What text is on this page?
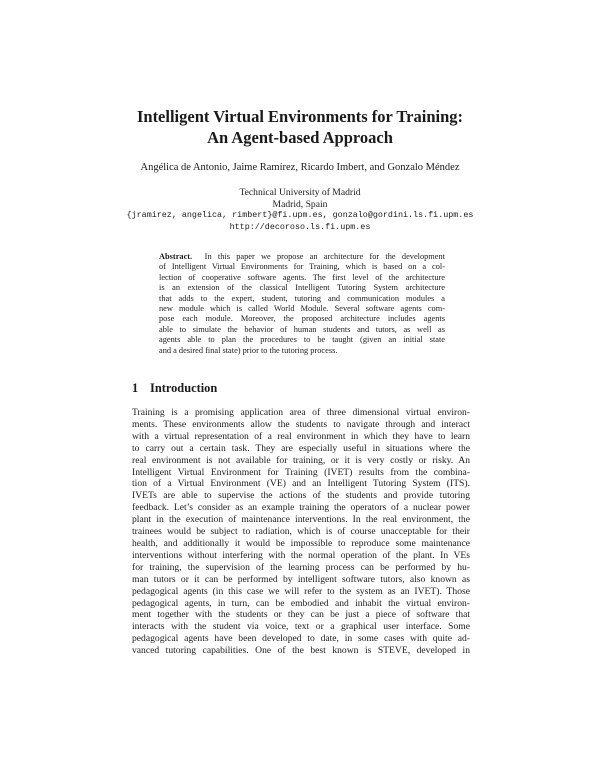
Intelligent Virtual Environments for Training:
An Agent-based Approach
Angélica de Antonio, Jaime Ramírez, Ricardo Imbert, and Gonzalo Méndez
Technical University of Madrid
Madrid, Spain
{jramirez, angelica, rimbert}@fi.upm.es, gonzalo@gordini.ls.fi.upm.es
http://decoroso.ls.fi.upm.es
Abstract. In this paper we propose an architecture for the development
of Intelligent Virtual Environments for Training, which is based on a col-
lection of cooperative software agents. The first level of the architecture
is an extension of the classical Intelligent Tutoring System architecture
that adds to the expert, student, tutoring and communication modules a
new module which is called World Module. Several software agents com-
pose each module. Moreover, the proposed architecture includes agents
able to simulate the behavior of human students and tutors, as well as
agents able to plan the procedures to be taught (given an initial state
and a desired final state) prior to the tutoring process.
1 Introduction
Training is a promising application area of three dimensional virtual environ-
ments. These environments allow the students to navigate through and interact
with a virtual representation of a real environment in which they have to learn
to carry out a certain task. They are especially useful in situations where the
real environment is not available for training, or it is very costly or risky. An
Intelligent Virtual Environment for Training (IVET) results from the combina-
tion of a Virtual Environment (VE) and an Intelligent Tutoring System (ITS).
IVETs are able to supervise the actions of the students and provide tutoring
feedback. Let’s consider as an example training the operators of a nuclear power
plant in the execution of maintenance interventions. In the real environment, the
trainees would be subject to radiation, which is of course unacceptable for their
health, and additionally it would be impossible to reproduce some maintenance
interventions without interfering with the normal operation of the plant. In VEs
for training, the supervision of the learning process can be performed by hu-
man tutors or it can be performed by intelligent software tutors, also known as
pedagogical agents (in this case we will refer to the system as an IVET). Those
pedagogical agents, in turn, can be embodied and inhabit the virtual environ-
ment together with the students or they can be just a piece of software that
interacts with the student via voice, text or a graphical user interface. Some
pedagogical agents have been developed to date, in some cases with quite ad-
vanced tutoring capabilities. One of the best known is STEVE, developed in
